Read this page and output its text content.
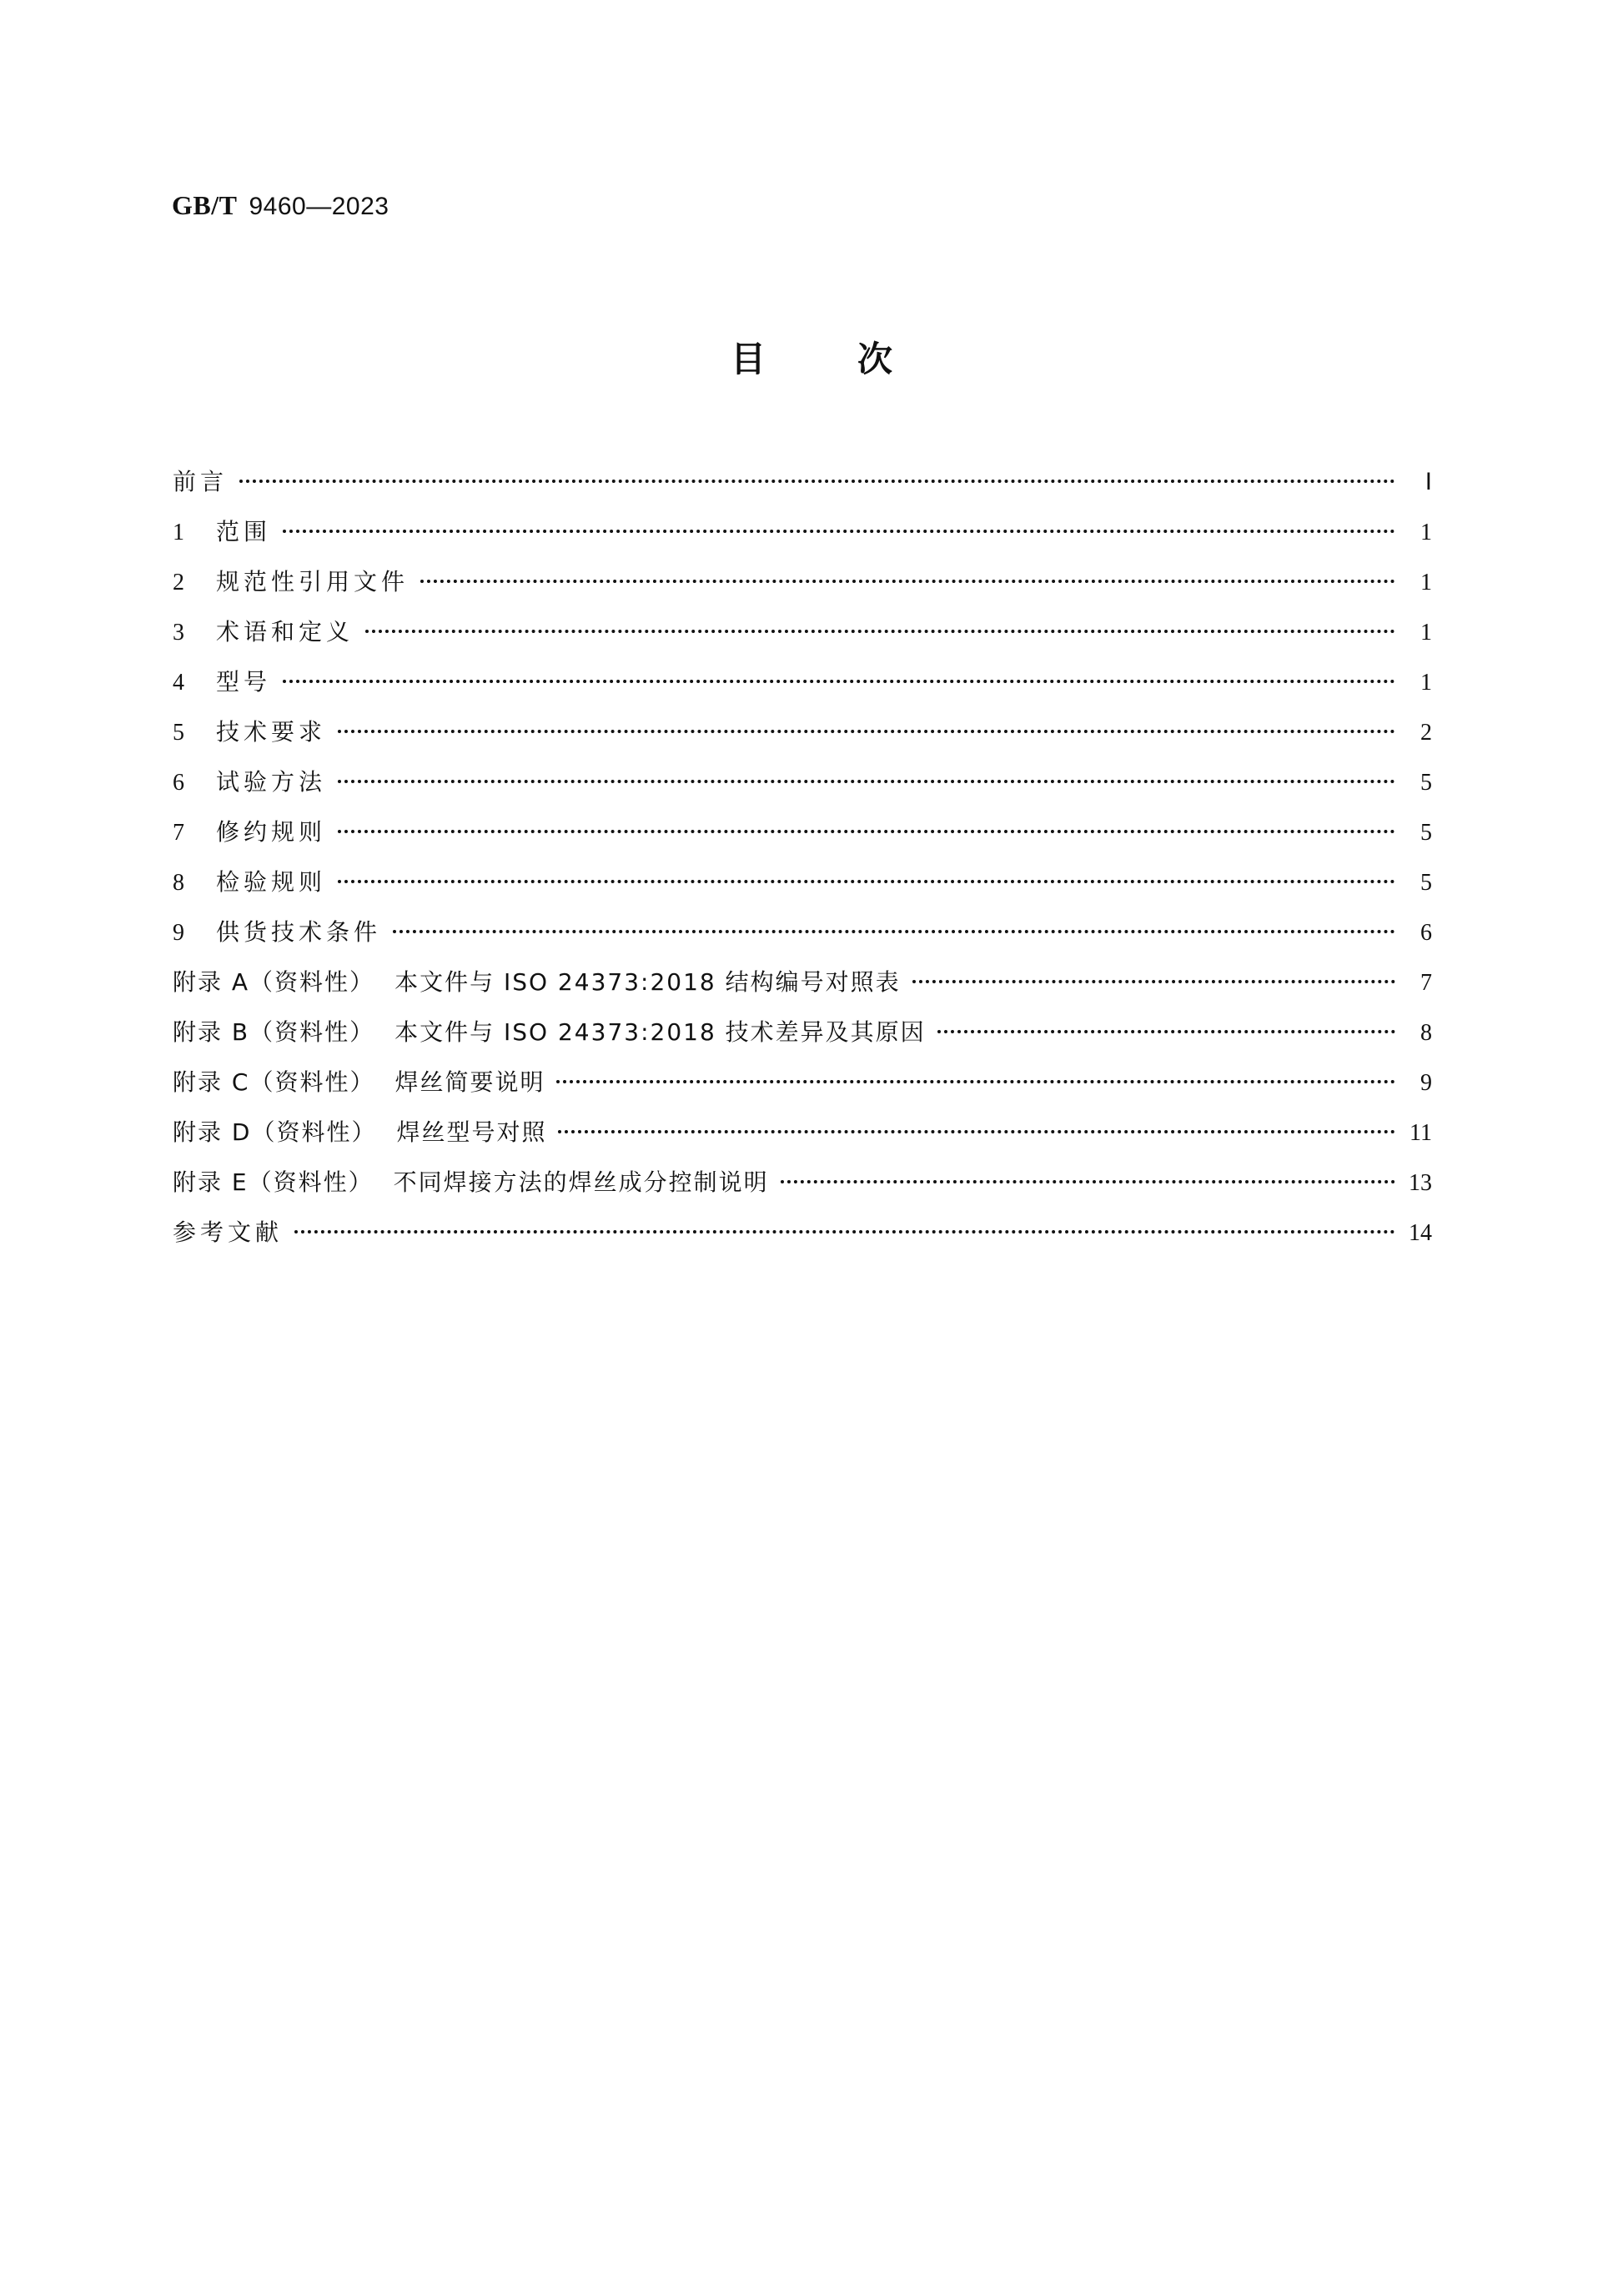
GB/T 9460—2023
目次
前言	Ⅰ
1	范围	1
2	规范性引用文件	1
3	术语和定义	1
4	型号	1
5	技术要求	2
6	试验方法	5
7	修约规则	5
8	检验规则	5
9	供货技术条件	6
附录 A（资料性） 本文件与 ISO 24373:2018 结构编号对照表	7
附录 B（资料性） 本文件与 ISO 24373:2018 技术差异及其原因	8
附录 C（资料性） 焊丝简要说明	9
附录 D（资料性） 焊丝型号对照	11
附录 E（资料性） 不同焊接方法的焊丝成分控制说明	13
参考文献	14
